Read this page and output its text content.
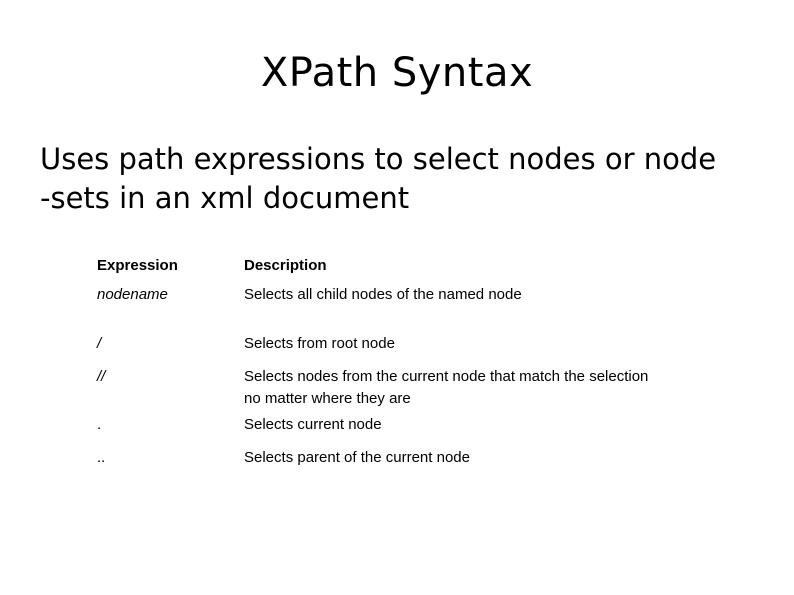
XPath Syntax

Uses path expressions to select nodes or node
-sets in an xml document

Expression	Description
nodename	Selects all child nodes of the named node
/	Selects from root node
//	Selects nodes from the current node that match the selection
no matter where they are

.	Selects current node
..	Selects parent of the current node
